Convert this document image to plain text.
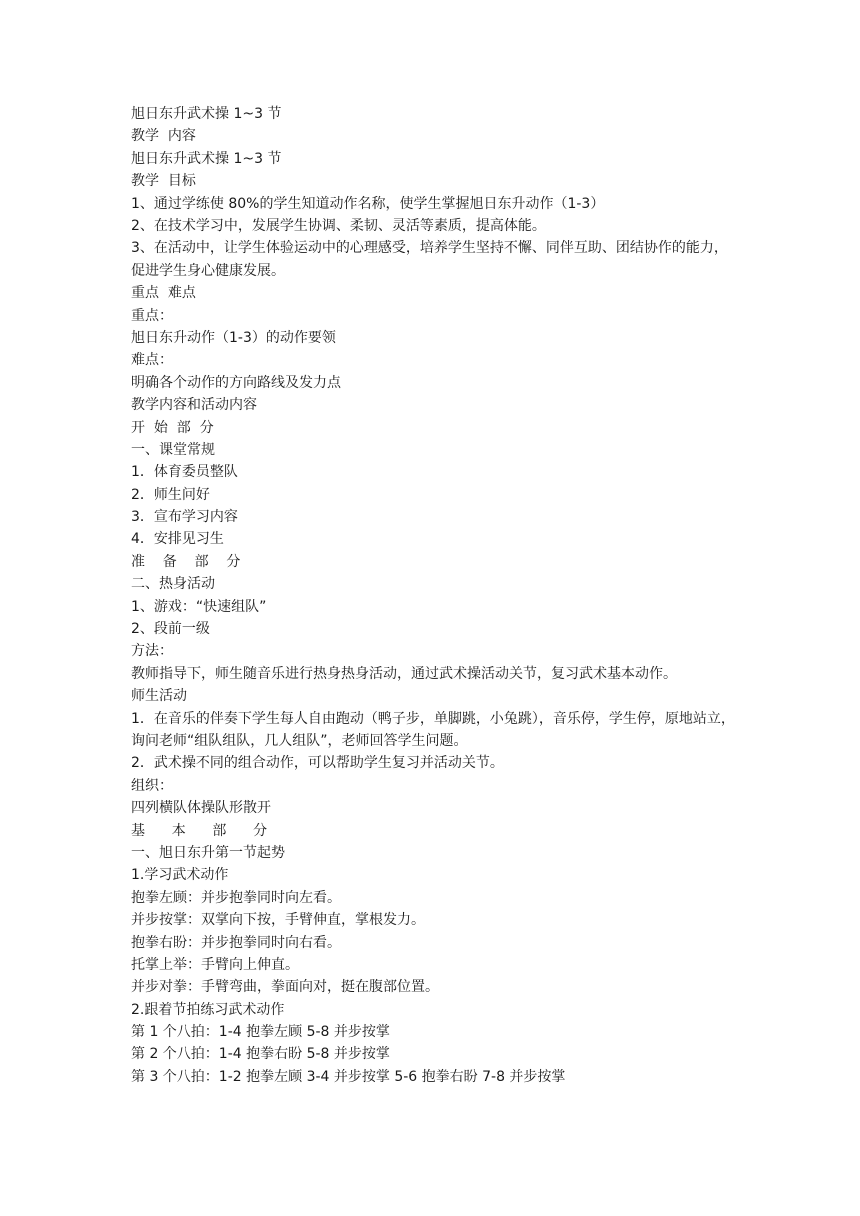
旭日东升武术操 1~3 节
教学  内容
旭日东升武术操 1~3 节
教学  目标
1、通过学练使 80%的学生知道动作名称，使学生掌握旭日东升动作（1-3）
2、在技术学习中，发展学生协调、柔韧、灵活等素质，提高体能。
3、在活动中，让学生体验运动中的心理感受，培养学生坚持不懈、同伴互助、团结协作的能力，促进学生身心健康发展。
重点  难点
重点：
旭日东升动作（1-3）的动作要领
难点：
明确各个动作的方向路线及发力点
教学内容和活动内容
开  始  部  分
一、课堂常规
1．体育委员整队
2．师生问好
3．宣布学习内容
4．安排见习生
准    备    部    分
二、热身活动
1、游戏：“快速组队”
2、段前一级
方法：
教师指导下，师生随音乐进行热身热身活动，通过武术操活动关节，复习武术基本动作。
师生活动
1．在音乐的伴奏下学生每人自由跑动（鸭子步，单脚跳，小兔跳），音乐停，学生停，原地站立，询问老师“组队组队，几人组队”，老师回答学生问题。
2．武术操不同的组合动作，可以帮助学生复习并活动关节。
组织：
四列横队体操队形散开
基      本      部      分
一、旭日东升第一节起势
1.学习武术动作
抱拳左顾：并步抱拳同时向左看。
并步按掌：双掌向下按，手臂伸直，掌根发力。
抱拳右盼：并步抱拳同时向右看。
托掌上举：手臂向上伸直。
并步对拳：手臂弯曲，拳面向对，挺在腹部位置。
2.跟着节拍练习武术动作
第 1 个八拍：1-4 抱拳左顾 5-8 并步按掌
第 2 个八拍：1-4 抱拳右盼 5-8 并步按掌
第 3 个八拍：1-2 抱拳左顾 3-4 并步按掌 5-6 抱拳右盼 7-8 并步按掌
